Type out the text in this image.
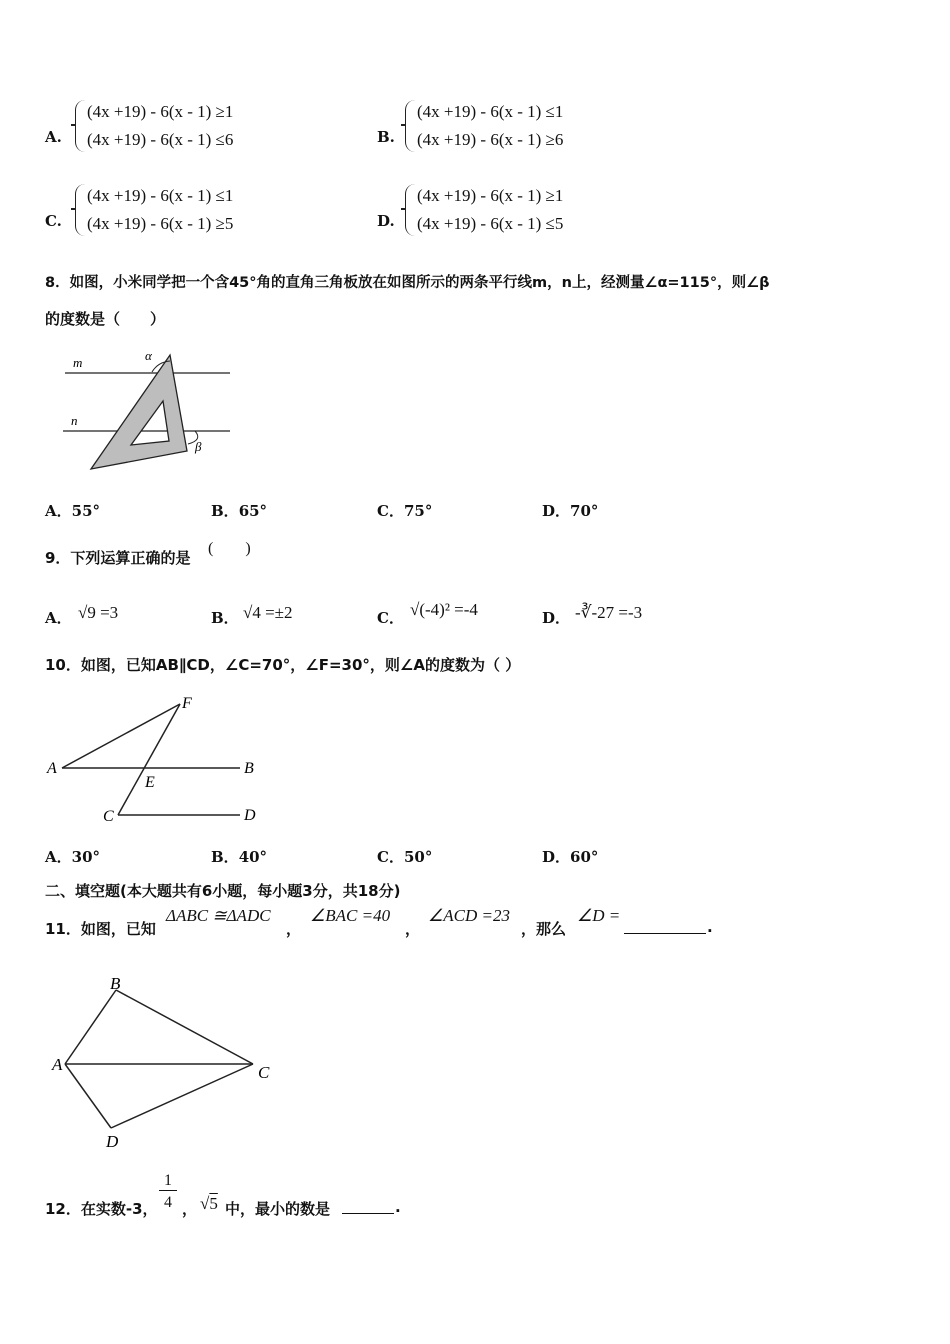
A.
(4x +19) - 6(x - 1) ≥1
(4x +19) - 6(x - 1) ≤6	B.
(4x +19) - 6(x - 1) ≤1
(4x +19) - 6(x - 1) ≥6
C.
(4x +19) - 6(x - 1) ≤1
(4x +19) - 6(x - 1) ≥5	D.
(4x +19) - 6(x - 1) ≥1
(4x +19) - 6(x - 1) ≤5
8．如图，小米同学把一个含45°角的直角三角板放在如图所示的两条平行线m，n上，经测量∠α=115°，则∠β
的度数是（　　）
m
n
α
β
A．55°	B．65°	C．75°	D．70°
9．下列运算正确的是
(　　)
A． √9 =3	B． √4 =±2	C． √(-4)² =-4	D． -∛-27 =-3
10．如图，已知AB∥CD，∠C=70°，∠F=30°，则∠A的度数为（ ）
A	B
C	D
E
F
A．30°	B．40°	C．50°	D．60°
二、填空题(本大题共有6小题，每小题3分，共18分)
11．如图，已知
ΔABC ≅ΔADC
，
∠BAC =40
，
∠ACD =23
，那么
∠D =
.
A
B
C
D
12．在实数-3， $\frac{1}{4}$ ， √5 中，最小的数是	.
